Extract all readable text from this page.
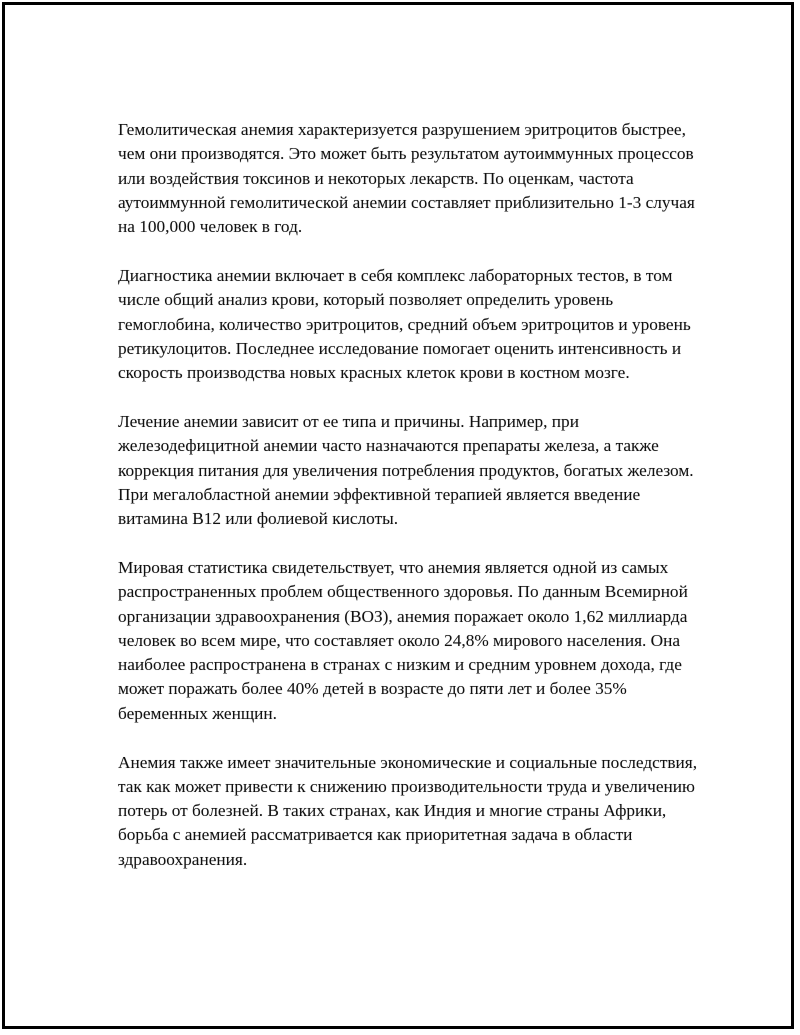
Гемолитическая анемия характеризуется разрушением эритроцитов быстрее, чем они производятся. Это может быть результатом аутоиммунных процессов или воздействия токсинов и некоторых лекарств. По оценкам, частота аутоиммунной гемолитической анемии составляет приблизительно 1-3 случая на 100,000 человек в год.

Диагностика анемии включает в себя комплекс лабораторных тестов, в том числе общий анализ крови, который позволяет определить уровень гемоглобина, количество эритроцитов, средний объем эритроцитов и уровень ретикулоцитов. Последнее исследование помогает оценить интенсивность и скорость производства новых красных клеток крови в костном мозге.

Лечение анемии зависит от ее типа и причины. Например, при железодефицитной анемии часто назначаются препараты железа, а также коррекция питания для увеличения потребления продуктов, богатых железом. При мегалобластной анемии эффективной терапией является введение витамина B12 или фолиевой кислоты.

Мировая статистика свидетельствует, что анемия является одной из самых распространенных проблем общественного здоровья. По данным Всемирной организации здравоохранения (ВОЗ), анемия поражает около 1,62 миллиарда человек во всем мире, что составляет около 24,8% мирового населения. Она наиболее распространена в странах с низким и средним уровнем дохода, где может поражать более 40% детей в возрасте до пяти лет и более 35% беременных женщин.

Анемия также имеет значительные экономические и социальные последствия, так как может привести к снижению производительности труда и увеличению потерь от болезней. В таких странах, как Индия и многие страны Африки, борьба с анемией рассматривается как приоритетная задача в области здравоохранения.
